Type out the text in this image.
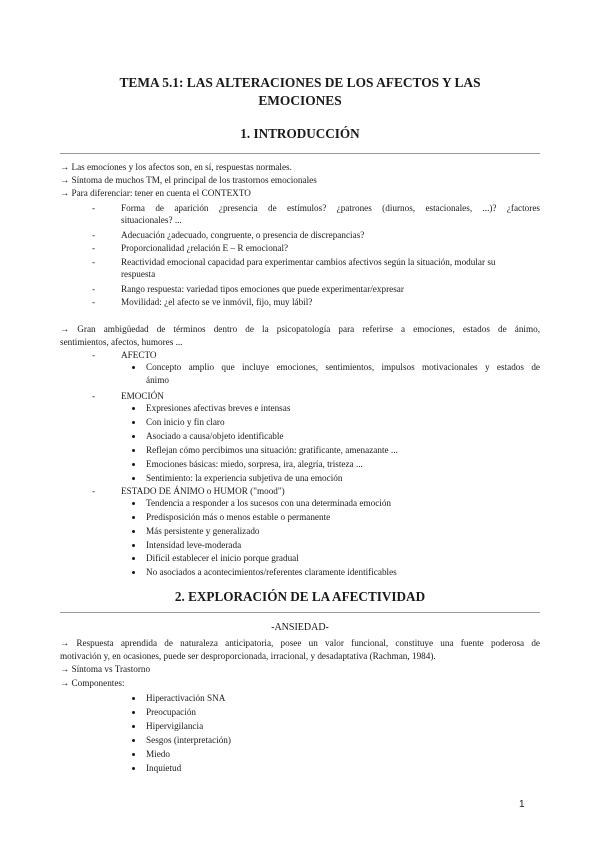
TEMA 5.1: LAS ALTERACIONES DE LOS AFECTOS Y LAS
EMOCIONES
1. INTRODUCCIÓN
→ Las emociones y los afectos son, en sí, respuestas normales.
→ Síntoma de muchos TM, el principal de los trastornos emocionales
→ Para diferenciar: tener en cuenta el CONTEXTO
-	Forma de aparición ¿presencia de estímulos? ¿patrones (diurnos, estacionales, ...)? ¿factores
situacionales? ...
-	Adecuación ¿adecuado, congruente, o presencia de discrepancias?
-	Proporcionalidad ¿relación E – R emocional?
-	Reactividad emocional capacidad para experimentar cambios afectivos según la situación, modular su
respuesta
-	Rango respuesta: variedad tipos emociones que puede experimentar/expresar
-	Movilidad: ¿el afecto se ve inmóvil, fijo, muy lábil?
→ Gran ambigüedad de términos dentro de la psicopatología para referirse a emociones, estados de ánimo,
sentimientos, afectos, humores ...
-	AFECTO
Concepto amplio que incluye emociones, sentimientos, impulsos motivacionales y estados de
ánimo
-	EMOCIÓN
Expresiones afectivas breves e intensas
Con inicio y fin claro
Asociado a causa/objeto identificable
Reflejan cómo percibimos una situación: gratificante, amenazante ...
Emociones básicas: miedo, sorpresa, ira, alegría, tristeza ...
Sentimiento: la experiencia subjetiva de una emoción
-	ESTADO DE ÁNIMO o HUMOR ("mood")
Tendencia a responder a los sucesos con una determinada emoción
Predisposición más o menos estable o permanente
Más persistente y generalizado
Intensidad leve-moderada
Difícil establecer el inicio porque gradual
No asociados a acontecimientos/referentes claramente identificables
2. EXPLORACIÓN DE LA AFECTIVIDAD
-ANSIEDAD-
→ Respuesta aprendida de naturaleza anticipatoria, posee un valor funcional, constituye una fuente poderosa de
motivación y, en ocasiones, puede ser desproporcionada, irracional, y desadaptativa (Rachman, 1984).
→ Síntoma vs Trastorno
→ Componentes:
Hiperactivación SNA
Preocupación
Hipervigilancia
Sesgos (interpretación)
Miedo
Inquietud
1
